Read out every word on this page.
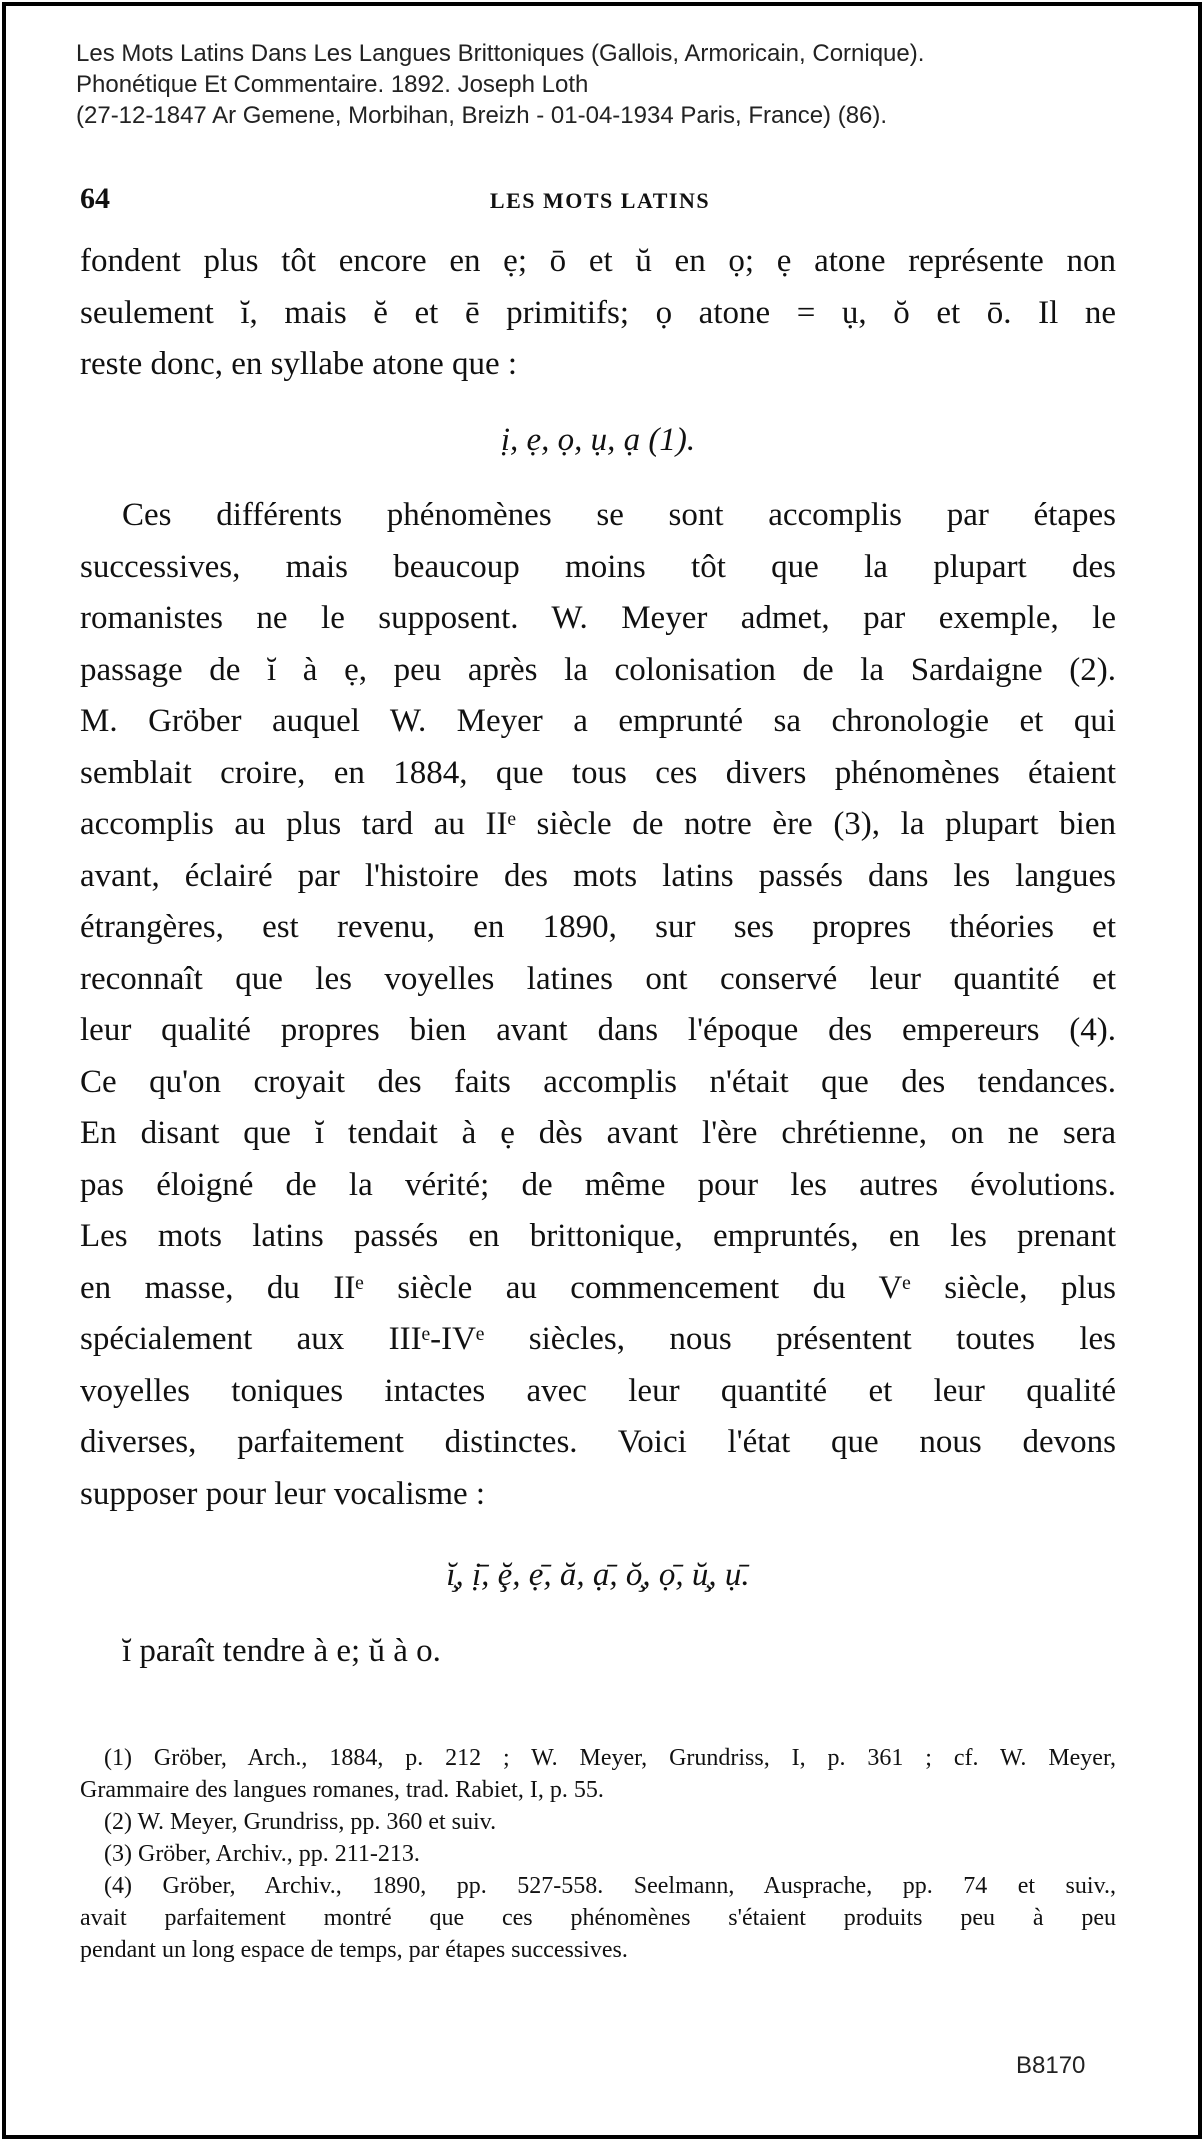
Les Mots Latins Dans Les Langues Brittoniques (Gallois, Armoricain, Cornique).
Phonétique Et Commentaire. 1892. Joseph Loth
(27-12-1847 Ar Gemene, Morbihan, Breizh - 01-04-1934 Paris, France) (86).
64	LES MOTS LATINS
fondent plus tôt encore en ẹ; ō et ŭ en ọ; ẹ atone représente non
seulement ĭ, mais ĕ et ē primitifs; ọ atone = ụ, ŏ et ō. Il ne
reste donc, en syllabe atone que :
ị, ẹ, ọ, ụ, ạ (1).
Ces différents phénomènes se sont accomplis par étapes
successives, mais beaucoup moins tôt que la plupart des
romanistes ne le supposent. W. Meyer admet, par exemple, le
passage de ĭ à ẹ, peu après la colonisation de la Sardaigne (2).
M. Gröber auquel W. Meyer a emprunté sa chronologie et qui
semblait croire, en 1884, que tous ces divers phénomènes étaient
accomplis au plus tard au IIᵉ siècle de notre ère (3), la plupart bien
avant, éclairé par l'histoire des mots latins passés dans les langues
étrangères, est revenu, en 1890, sur ses propres théories et
reconnaît que les voyelles latines ont conservé leur quantité et
leur qualité propres bien avant dans l'époque des empereurs (4).
Ce qu'on croyait des faits accomplis n'était que des tendances.
En disant que ĭ tendait à ẹ dès avant l'ère chrétienne, on ne sera
pas éloigné de la vérité; de même pour les autres évolutions.
Les mots latins passés en brittonique, empruntés, en les prenant
en masse, du IIᵉ siècle au commencement du Vᵉ siècle, plus
spécialement aux IIIᵉ-IVᵉ siècles, nous présentent toutes les
voyelles toniques intactes avec leur quantité et leur qualité
diverses, parfaitement distinctes. Voici l'état que nous devons
supposer pour leur vocalisme :
ĭ̧, ị̄, ḝ, ẹ̄, ă, ạ̄, ŏ̧, ọ̄, ŭ̧, ụ̄.
ĭ paraît tendre à e; ŭ à o.
(1) Gröber, Arch., 1884, p. 212 ; W. Meyer, Grundriss, I, p. 361 ; cf. W. Meyer,
Grammaire des langues romanes, trad. Rabiet, I, p. 55.
(2) W. Meyer, Grundriss, pp. 360 et suiv.
(3) Gröber, Archiv., pp. 211-213.
(4) Gröber, Archiv., 1890, pp. 527-558. Seelmann, Ausprache, pp. 74 et suiv.,
avait parfaitement montré que ces phénomènes s'étaient produits peu à peu
pendant un long espace de temps, par étapes successives.
B8170
